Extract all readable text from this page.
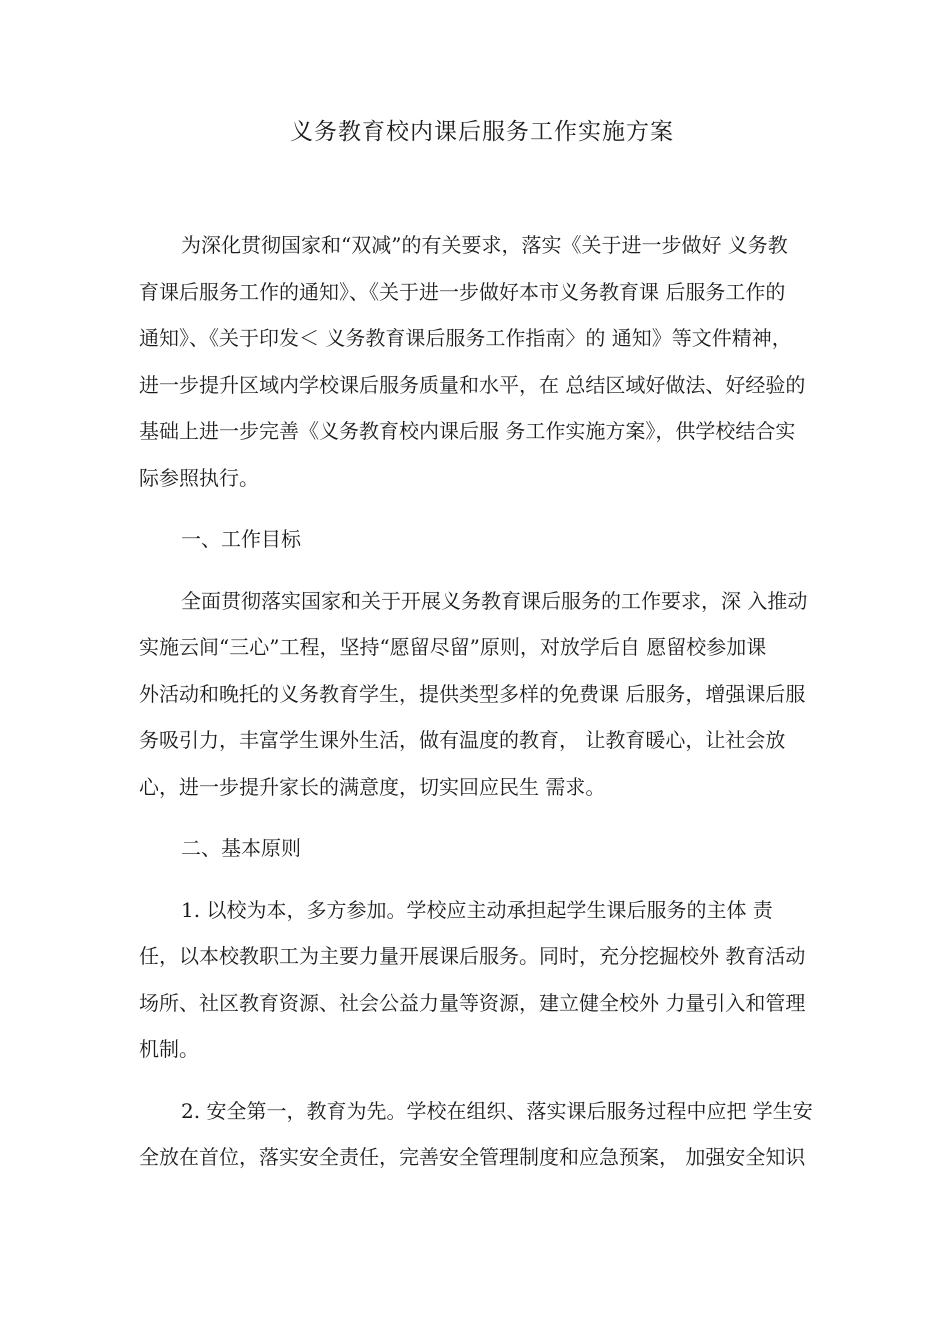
义务教育校内课后服务工作实施方案

为深化贯彻国家和“双减”的有关要求，落实《关于进一步做好 义务教
育课后服务工作的通知》、《关于进一步做好本市义务教育课 后服务工作的
通知》、《关于印发＜ 义务教育课后服务工作指南〉的 通知》等文件精神，
进一步提升区域内学校课后服务质量和水平，在 总结区域好做法、好经验的
基础上进一步完善《义务教育校内课后服 务工作实施方案》，供学校结合实
际参照执行。

一、工作目标

全面贯彻落实国家和关于开展义务教育课后服务的工作要求，深 入推动
实施云间“三心”工程，坚持“愿留尽留”原则，对放学后自 愿留校参加课
外活动和晚托的义务教育学生，提供类型多样的免费课 后服务，增强课后服
务吸引力，丰富学生课外生活，做有温度的教育， 让教育暖心，让社会放
心，进一步提升家长的满意度，切实回应民生 需求。

二、基本原则

1. 以校为本，多方参加。学校应主动承担起学生课后服务的主体 责
任，以本校教职工为主要力量开展课后服务。同时，充分挖掘校外 教育活动
场所、社区教育资源、社会公益力量等资源，建立健全校外 力量引入和管理
机制。

2. 安全第一，教育为先。学校在组织、落实课后服务过程中应把 学生安
全放在首位，落实安全责任，完善安全管理制度和应急预案， 加强安全知识
